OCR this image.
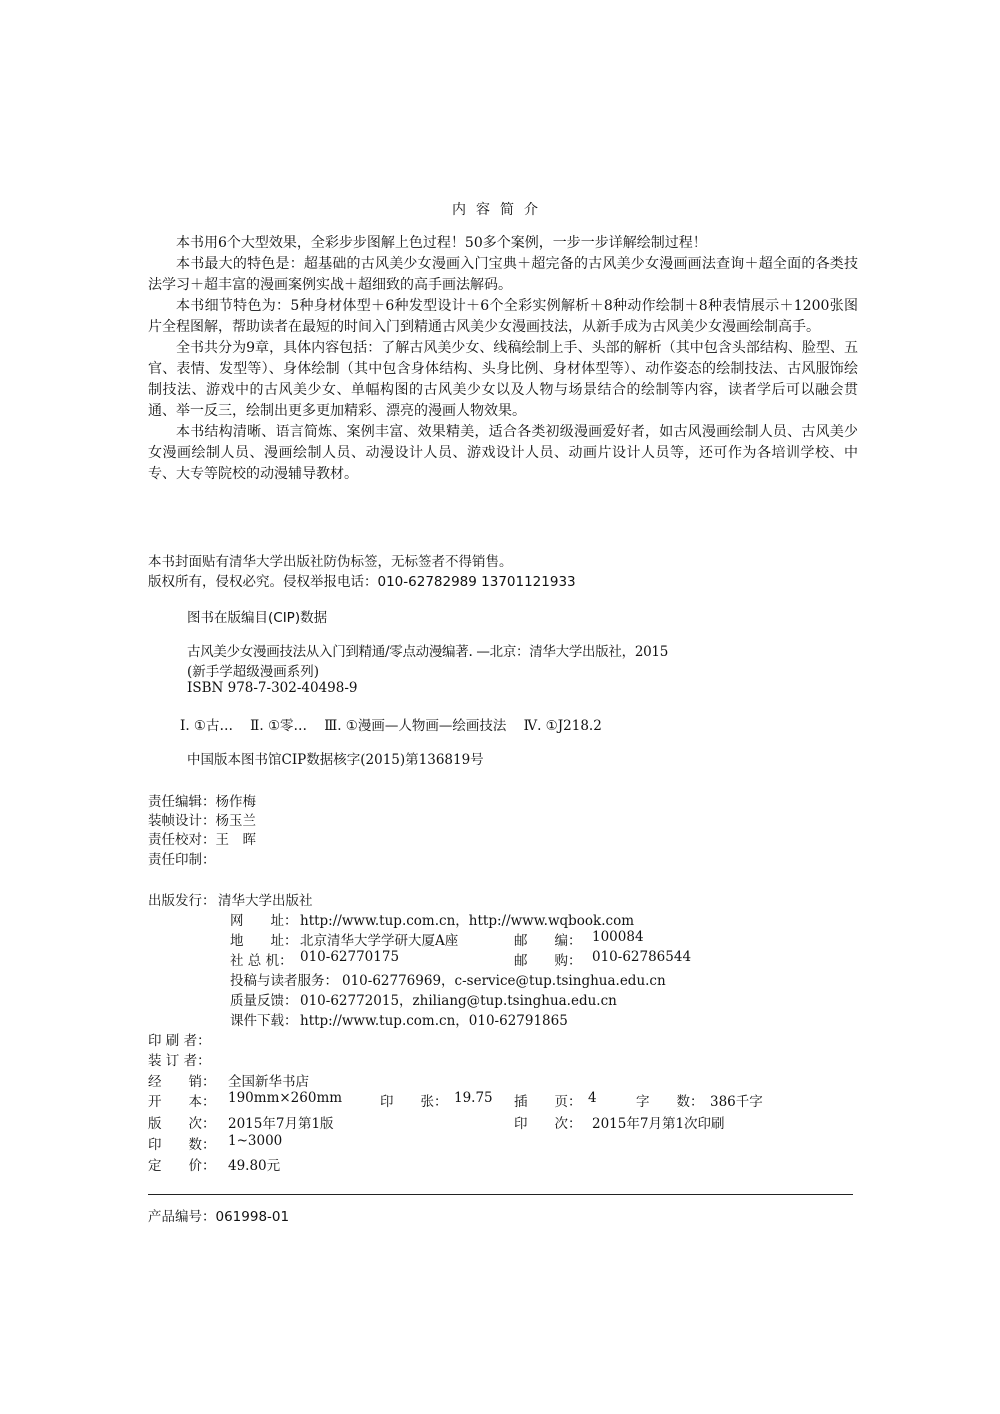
内容简介

本书用6个大型效果，全彩步步图解上色过程！50多个案例，一步一步详解绘制过程！

本书最大的特色是：超基础的古风美少女漫画入门宝典＋超完备的古风美少女漫画画法查询＋超全面的各类技法学习＋超丰富的漫画案例实战＋超细致的高手画法解码。

本书细节特色为：5种身材体型＋6种发型设计＋6个全彩实例解析＋8种动作绘制＋8种表情展示＋1200张图片全程图解，帮助读者在最短的时间入门到精通古风美少女漫画技法，从新手成为古风美少女漫画绘制高手。

全书共分为9章，具体内容包括：了解古风美少女、线稿绘制上手、头部的解析（其中包含头部结构、脸型、五官、表情、发型等）、身体绘制（其中包含身体结构、头身比例、身材体型等）、动作姿态的绘制技法、古风服饰绘制技法、游戏中的古风美少女、单幅构图的古风美少女以及人物与场景结合的绘制等内容，读者学后可以融会贯通、举一反三，绘制出更多更加精彩、漂亮的漫画人物效果。

本书结构清晰、语言简炼、案例丰富、效果精美，适合各类初级漫画爱好者，如古风漫画绘制人员、古风美少女漫画绘制人员、漫画绘制人员、动漫设计人员、游戏设计人员、动画片设计人员等，还可作为各培训学校、中专、大专等院校的动漫辅导教材。

本书封面贴有清华大学出版社防伪标签，无标签者不得销售。
版权所有，侵权必究。侵权举报电话：010-62782989 13701121933
图书在版编目(CIP)数据
古风美少女漫画技法从入门到精通/零点动漫编著. —北京：清华大学出版社，2015
(新手学超级漫画系列)
ISBN 978-7-302-40498-9
Ⅰ. ①古…    Ⅱ. ①零…    Ⅲ. ①漫画—人物画—绘画技法    Ⅳ. ①J218.2
中国版本图书馆CIP数据核字(2015)第136819号
责任编辑：杨作梅
装帧设计：杨玉兰
责任校对：王　晖
责任印制：
出版发行： 清华大学出版社
网　　址： http://www.tup.com.cn，http://www.wqbook.com
地　　址： 北京清华大学学研大厦A座	邮　　编： 100084
社 总 机： 010-62770175	邮　　购： 010-62786544
投稿与读者服务： 010-62776969，c-service@tup.tsinghua.edu.cn
质量反馈： 010-62772015，zhiliang@tup.tsinghua.edu.cn
课件下载： http://www.tup.com.cn，010-62791865
印 刷 者：
装 订 者：
经　　销： 全国新华书店
开　　本： 190mm×260mm	印　　张： 19.75 插　　页： 4	字　　数： 386千字
版　　次： 2015年7月第1版	印　　次： 2015年7月第1次印刷
印　　数： 1~3000
定　　价： 49.80元
产品编号：061998-01
